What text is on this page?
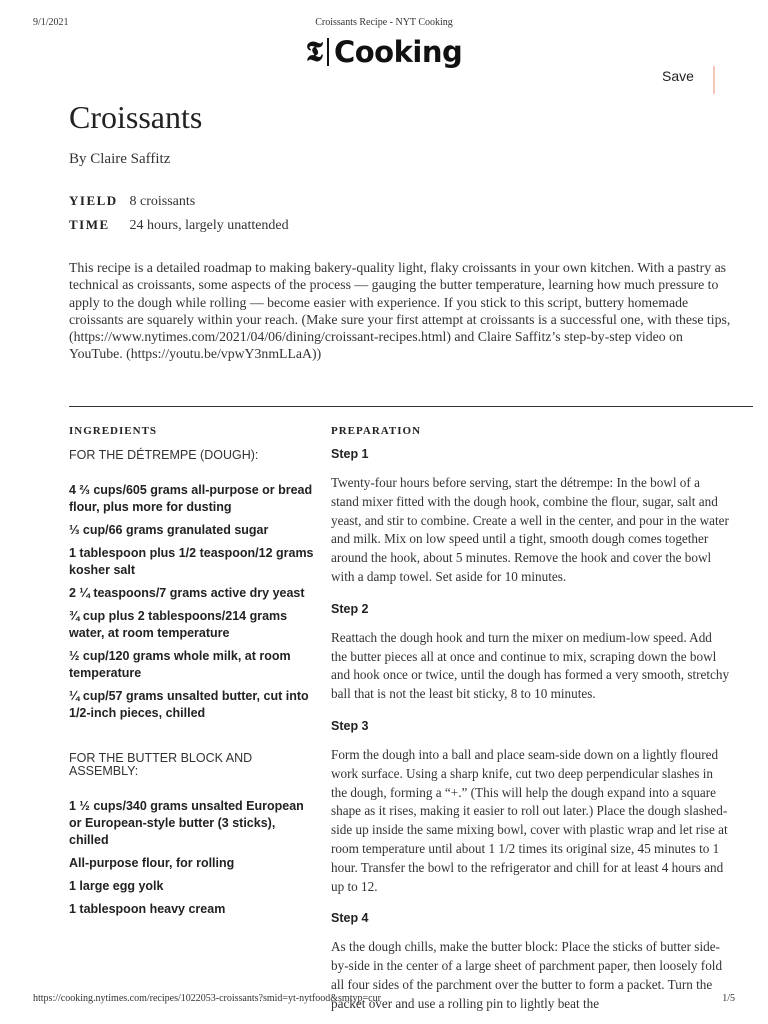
9/1/2021	Croissants Recipe - NYT Cooking
𝕿 Cooking
Save
Croissants
By Claire Saffitz
YIELD 8 croissants
TIME 24 hours, largely unattended

This recipe is a detailed roadmap to making bakery-quality light, flaky croissants in your own kitchen. With a pastry as technical as croissants, some aspects of the process — gauging the butter temperature, learning how much pressure to apply to the dough while rolling — become easier with experience. If you stick to this script, buttery homemade croissants are squarely within your reach. (Make sure your first attempt at croissants is a successful one, with these tips, (https://www.nytimes.com/2021/04/06/dining/croissant-recipes.html) and Claire Saffitz’s step-by-step video on YouTube. (https://youtu.be/vpwY3nmLLaA))

INGREDIENTS	PREPARATION
FOR THE DÉTREMPE (DOUGH):
4 ⅔ cups/605 grams all-purpose or bread flour, plus more for dusting
⅓ cup/66 grams granulated sugar
1 tablespoon plus 1/2 teaspoon/12 grams kosher salt
2 ¼ teaspoons/7 grams active dry yeast
¾ cup plus 2 tablespoons/214 grams water, at room temperature
½ cup/120 grams whole milk, at room temperature
¼ cup/57 grams unsalted butter, cut into 1/2-inch pieces, chilled
FOR THE BUTTER BLOCK AND ASSEMBLY:
1 ½ cups/340 grams unsalted European or European-style butter (3 sticks), chilled
All-purpose flour, for rolling
1 large egg yolk
1 tablespoon heavy cream
Step 1

Twenty-four hours before serving, start the détrempe: In the bowl of a stand mixer fitted with the dough hook, combine the flour, sugar, salt and yeast, and stir to combine. Create a well in the center, and pour in the water and milk. Mix on low speed until a tight, smooth dough comes together around the hook, about 5 minutes. Remove the hook and cover the bowl with a damp towel. Set aside for 10 minutes.

Step 2

Reattach the dough hook and turn the mixer on medium-low speed. Add the butter pieces all at once and continue to mix, scraping down the bowl and hook once or twice, until the dough has formed a very smooth, stretchy ball that is not the least bit sticky, 8 to 10 minutes.

Step 3

Form the dough into a ball and place seam-side down on a lightly floured work surface. Using a sharp knife, cut two deep perpendicular slashes in the dough, forming a “+.” (This will help the dough expand into a square shape as it rises, making it easier to roll out later.) Place the dough slashed-side up inside the same mixing bowl, cover with plastic wrap and let rise at room temperature until about 1 1/2 times its original size, 45 minutes to 1 hour. Transfer the bowl to the refrigerator and chill for at least 4 hours and up to 12.

Step 4

As the dough chills, make the butter block: Place the sticks of butter side-by-side in the center of a large sheet of parchment paper, then loosely fold all four sides of the parchment over the butter to form a packet. Turn the packet over and use a rolling pin to lightly beat the

https://cooking.nytimes.com/recipes/1022053-croissants?smid=yt-nytfood&smtyp=cur	1/5
